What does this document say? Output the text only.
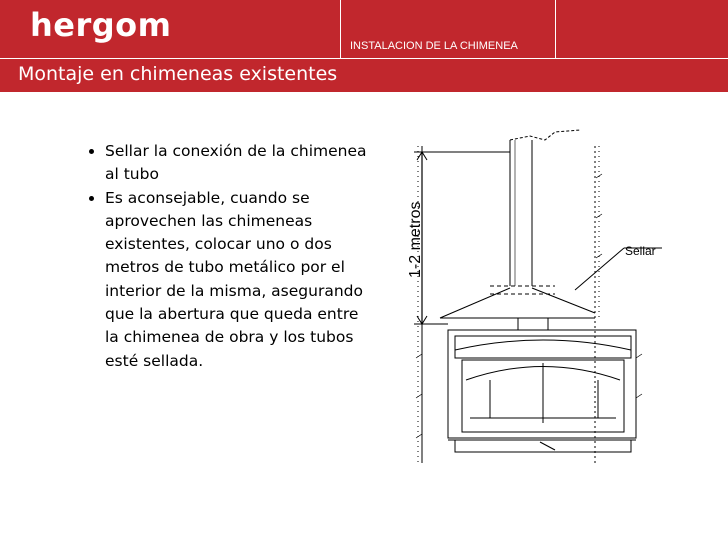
hergom
INSTALACION DE LA CHIMENEA
Montaje en chimeneas existentes
• Sellar la conexión de la chimenea al tubo
• Es aconsejable, cuando se aprovechen las chimeneas existentes, colocar uno o dos metros de tubo metálico por el interior de la misma, asegurando que la abertura que queda entre la chimenea de obra y los tubos esté sellada.
1-2 metros	Sellar
